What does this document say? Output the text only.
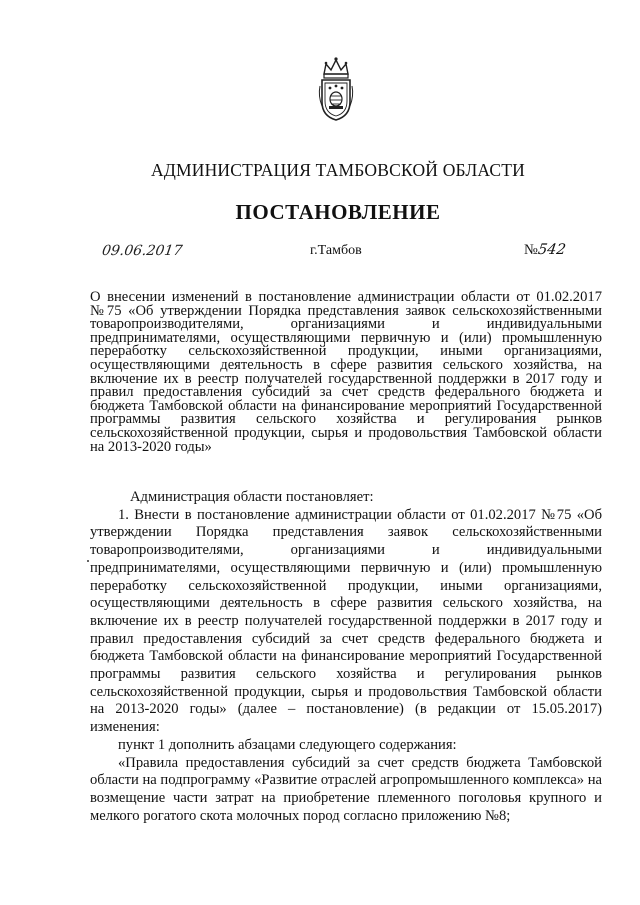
АДМИНИСТРАЦИЯ ТАМБОВСКОЙ ОБЛАСТИ
ПОСТАНОВЛЕНИЕ
09.06.2017	г.Тамбов	№542
О внесении изменений в постановление администрации области от 01.02.2017 №75 «Об утверждении Порядка представления заявок сельскохозяйственными товаропроизводителями, организациями и индивидуальными предпринимателями, осуществляющими первичную и (или) промышленную переработку сельскохозяйственной продукции, иными организациями, осуществляющими деятельность в сфере развития сельского хозяйства, на включение их в реестр получателей государственной поддержки в 2017 году и правил предоставления субсидий за счет средств федерального бюджета и бюджета Тамбовской области на финансирование мероприятий Государственной программы развития сельского хозяйства и регулирования рынков сельскохозяйственной продукции, сырья и продовольствия Тамбовской области на 2013-2020 годы»

Администрация области постановляет:

1. Внести в постановление администрации области от 01.02.2017 №75 «Об утверждении Порядка представления заявок сельскохозяйственными товаропроизводителями, организациями и индивидуальными предпринимателями, осуществляющими первичную и (или) промышленную переработку сельскохозяйственной продукции, иными организациями, осуществляющими деятельность в сфере развития сельского хозяйства, на включение их в реестр получателей государственной поддержки в 2017 году и правил предоставления субсидий за счет средств федерального бюджета и бюджета Тамбовской области на финансирование мероприятий Государственной программы развития сельского хозяйства и регулирования рынков сельскохозяйственной продукции, сырья и продовольствия Тамбовской области на 2013-2020 годы» (далее – постановление) (в редакции от 15.05.2017) изменения:

пункт 1 дополнить абзацами следующего содержания:

«Правила предоставления субсидий за счет средств бюджета Тамбовской области на подпрограмму «Развитие отраслей агропромышленного комплекса» на возмещение части затрат на приобретение племенного поголовья крупного и мелкого рогатого скота молочных пород согласно приложению №8;
